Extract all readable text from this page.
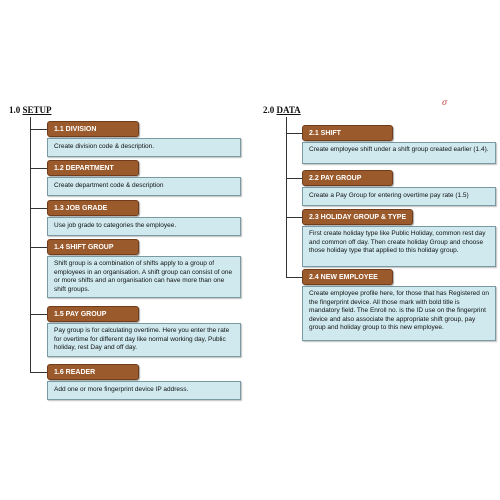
1.0 SETUP	2.0 DATA
σ
1.1 DIVISION
Create division code & description.
1.2 DEPARTMENT
Create department code & description
1.3 JOB GRADE
Use job grade to categories the employee.
1.4 SHIFT GROUP
Shift group is a combination of shifts apply to a group of employees in an organisation. A shift group can consist of one or more shifts and an organisation can have more than one shift groups.
1.5 PAY GROUP
Pay group is for calculating overtime. Here you enter the rate for overtime for different day like normal working day, Public holiday, rest Day and off day.
1.6 READER
Add one or more fingerprint device IP address.
2.1 SHIFT
Create employee shift under a shift group created earlier (1.4).
2.2 PAY GROUP
Create a Pay Group for entering overtime pay rate (1.5)
2.3 HOLIDAY GROUP & TYPE
First create holiday type like Public Holiday, common rest day and common off day. Then create holiday Group and choose those holiday type that applied to this holiday group.
2.4 NEW EMPLOYEE
Create employee profile here, for those that has Registered on the fingerprint device. All those mark with bold title is mandatory field. The Enroll no. is the ID use on the fingerprint device and also associate the appropriate shift group, pay group and holiday group to this new employee.
